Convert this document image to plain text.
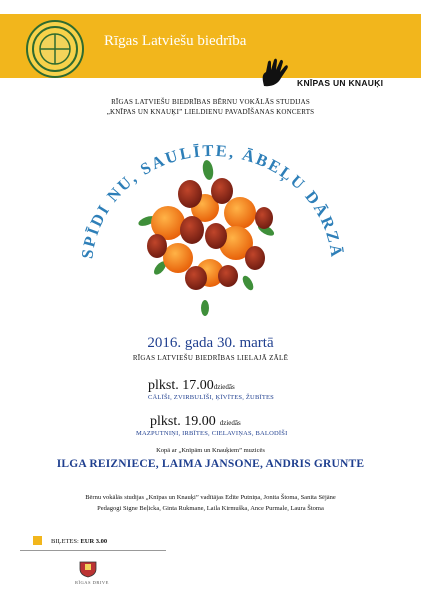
Rīgas Latviešu biedrība
KNĪPAS UN KNAUĶI
RĪGAS LATVIEŠU BIEDRĪBAS BĒRNU VOKĀLĀS STUDIJAS
„KNĪPAS UN KNAUĶI” LIELDIENU PAVADĪŠANAS KONCERTS
SPĪDI NU, SAULĪTE, ĀBEĻU DĀRZĀ
2016. gada 30. martā
RĪGAS LATVIEŠU BIEDRĪBAS LIELAJĀ ZĀLĒ
plkst. 17.00dziedās
CĀLĪŠI, ZVIRBULĪŠI, ĶĪVĪTES, ŽUBĪTES
plkst. 19.00 dziedās
MAZPUTNIŅI, IRBĪTES, CIELAVIŅAS, BALODĪŠI
Kopā ar „Knīpām un Knauķiem” muzicēs
ILGA REIZNIECE, LAIMA JANSONE, ANDRIS GRUNTE
Bērnu vokālās studijas „Knīpas un Knauķi” vadītājas Edīte Putniņa, Jonita Štoma, Sanita Sējāne
Pedagogi Signe Beļicka, Ginta Rukmane, Laila Kirmuška, Ance Purmale, Laura Štoma
BIĻETES: EUR 3.00
RĪGAS DRIVE
